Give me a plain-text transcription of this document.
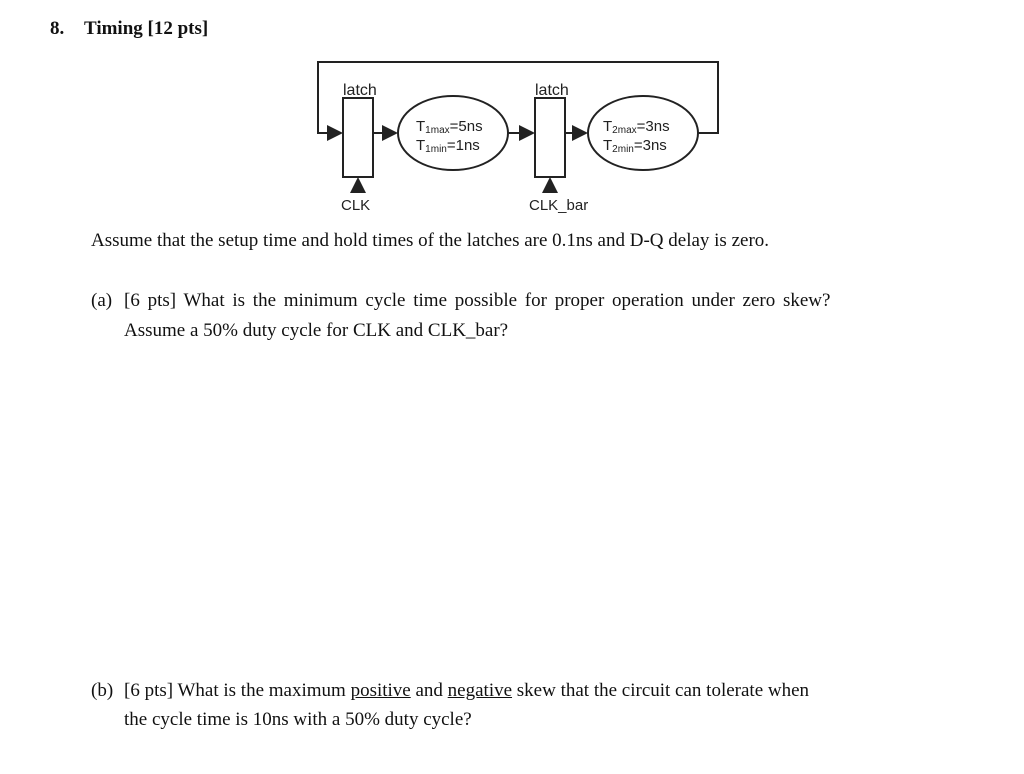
8. Timing [12 pts]
latch	latch
CLK	CLK_bar
T1max=5ns
T1min=1ns
T2max=3ns
T2min=3ns
Assume that the setup time and hold times of the latches are 0.1ns and D-Q delay is zero.
(a) [6 pts] What is the minimum cycle time possible for proper operation under zero skew?
Assume a 50% duty cycle for CLK and CLK_bar?
(b) [6 pts] What is the maximum positive and negative skew that the circuit can tolerate when
the cycle time is 10ns with a 50% duty cycle?
